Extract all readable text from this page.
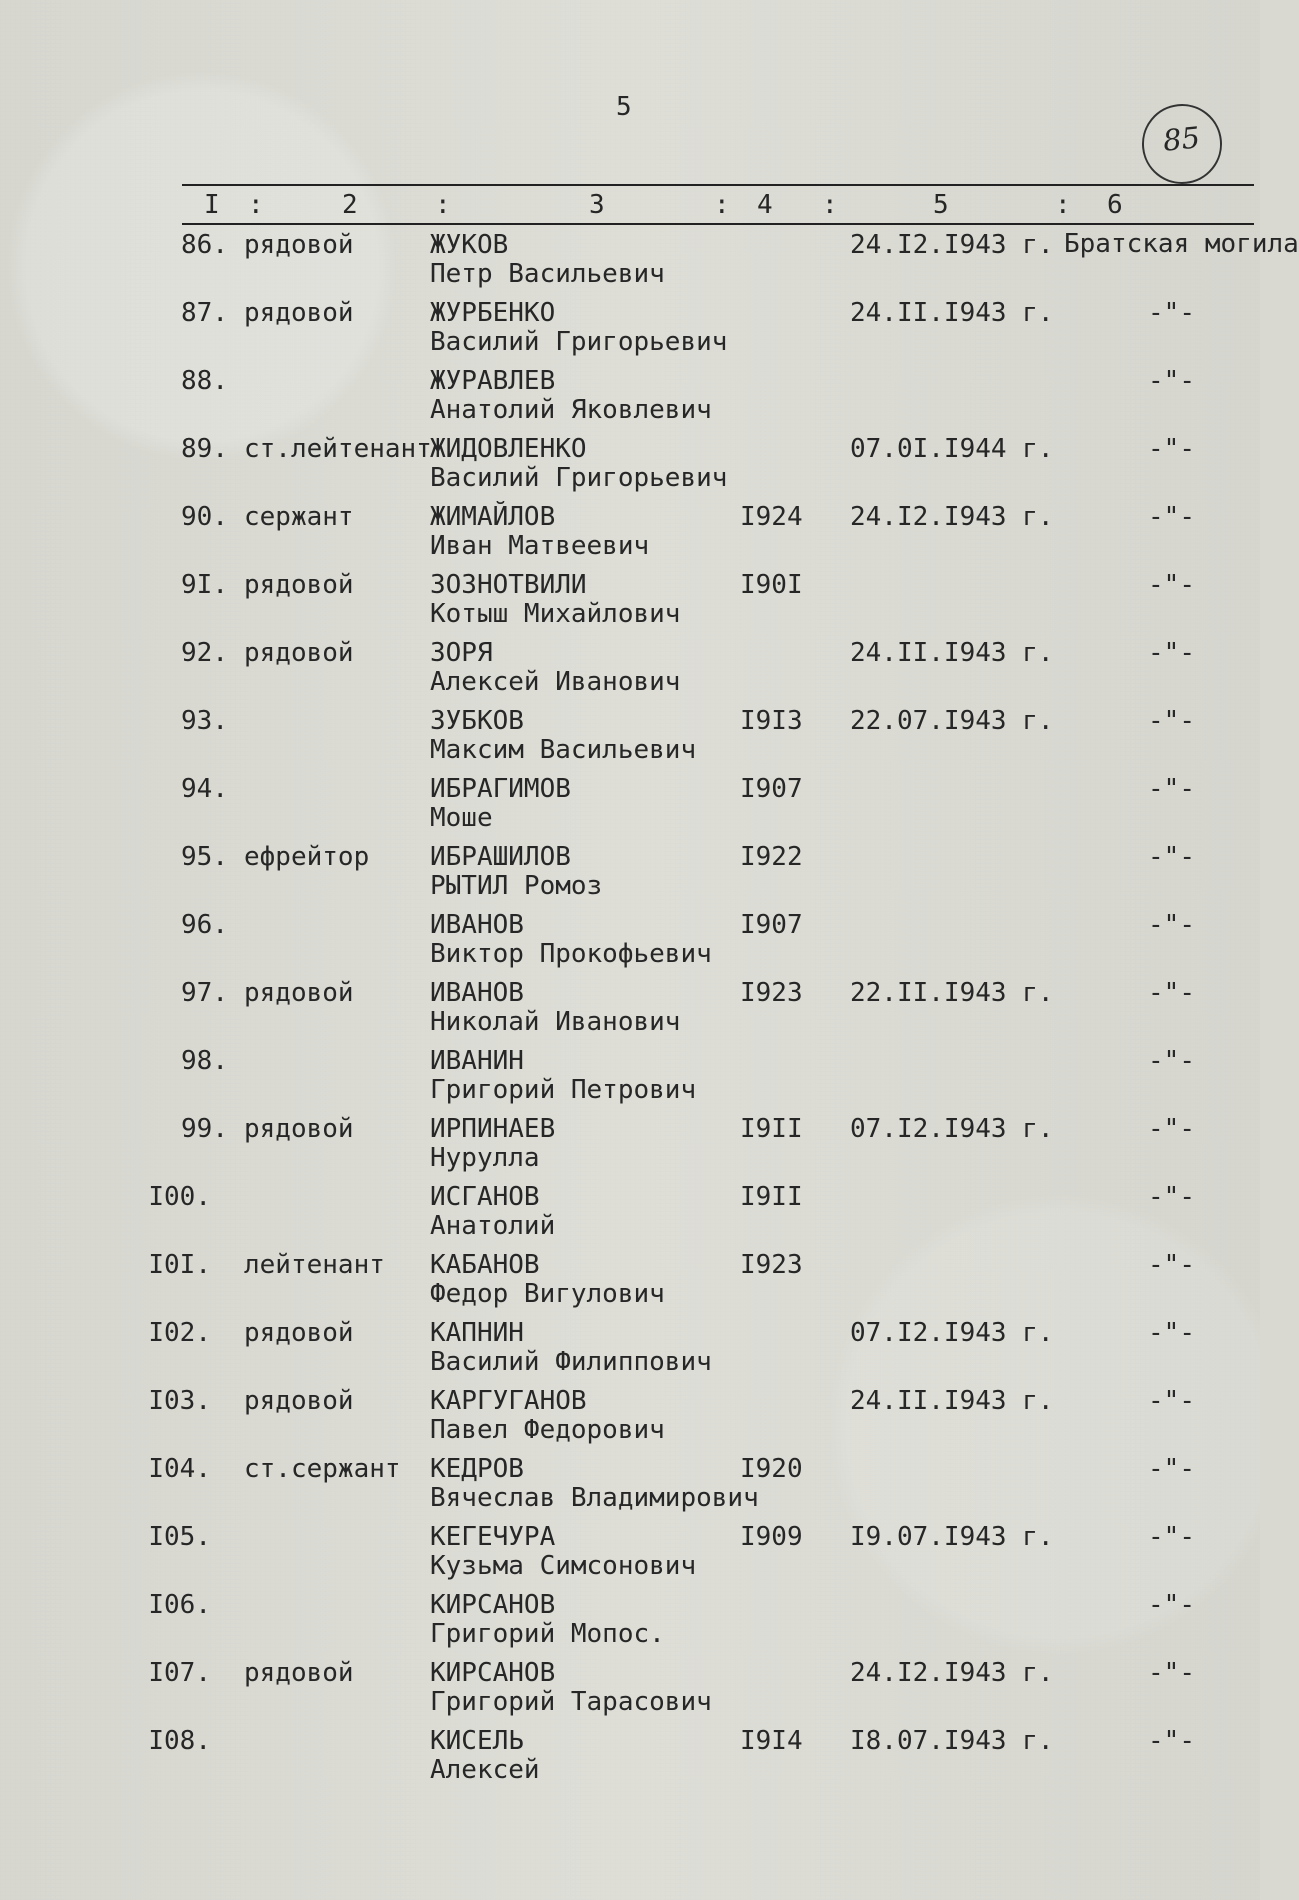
5
85
I :	2	:	3	: 4 :	5	: 6
86. рядовой	ЖУКОВ
Петр Васильевич
24.I2.I943 г. Братская могила
87. рядовой	ЖУРБЕНКО
Василий Григорьевич
24.II.I943 г.	-"-
88.	ЖУРАВЛЕВ
Анатолий Яковлевич
-"-
89. ст.лейтенант
ЖИДОВЛЕНКО
Василий Григорьевич
07.0I.I944 г.	-"-
90. сержант	ЖИМАЙЛОВ
Иван Матвеевич
I924 24.I2.I943 г.	-"-
9I. рядовой	ЗОЗНОТВИЛИ
Котыш Михайлович
I90I	-"-
92. рядовой	ЗОРЯ
Алексей Иванович
24.II.I943 г.	-"-
93.	ЗУБКОВ
Максим Васильевич
I9I3 22.07.I943 г.	-"-
94.	ИБРАГИМОВ
Моше
I907	-"-
95. ефрейтор ИБРАШИЛОВ
РЫТИЛ Ромоз
I922	-"-
96.	ИВАНОВ
Виктор Прокофьевич
I907	-"-
97. рядовой	ИВАНОВ
Николай Иванович
I923 22.II.I943 г.	-"-
98.	ИВАНИН
Григорий Петрович
-"-
99. рядовой	ИРПИНАЕВ
Нурулла
I9II 07.I2.I943 г.	-"-
I00.	ИСГАНОВ
Анатолий
I9II	-"-
I0I. лейтенант КАБАНОВ
Федор Вигулович
I923	-"-
I02. рядовой	КАПНИН
Василий Филиппович
07.I2.I943 г.	-"-
I03. рядовой	КАРГУГАНОВ
Павел Федорович
24.II.I943 г.	-"-
I04. ст.сержант КЕДРОВ
Вячеслав Владимирович
I920	-"-
I05.	КЕГЕЧУРА
Кузьма Симсонович
I909 I9.07.I943 г.	-"-
I06.	КИРСАНОВ
Григорий Мопос.
-"-
I07. рядовой	КИРСАНОВ
Григорий Тарасович
24.I2.I943 г.	-"-
I08.	КИСЕЛЬ
Алексей
I9I4 I8.07.I943 г.	-"-
